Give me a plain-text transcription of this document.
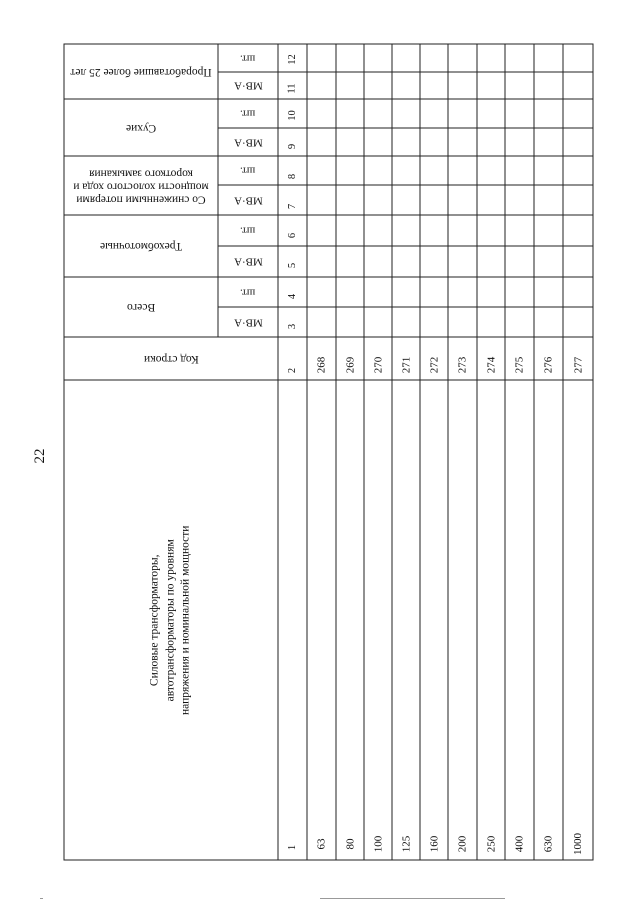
22
Силовые трансформаторы, автотрансформаторы по уровням напряжения и номинальной мощности
Код строки
Всего
Трехобмоточные
Со сниженными потерями мощности холостого хода и короткого замыкания
Сухие
Проработавшие более 25 лет
МВ·А
шт.
МВ·А
шт.
МВ·А
шт.
МВ·А
шт.
МВ·А
шт.
1
2
3
4
5
6
7
8
9
10
11
12
63
268
80
269
100
270
125
271
160
272
200
273
250
274
400
275
630
276
1000
277
